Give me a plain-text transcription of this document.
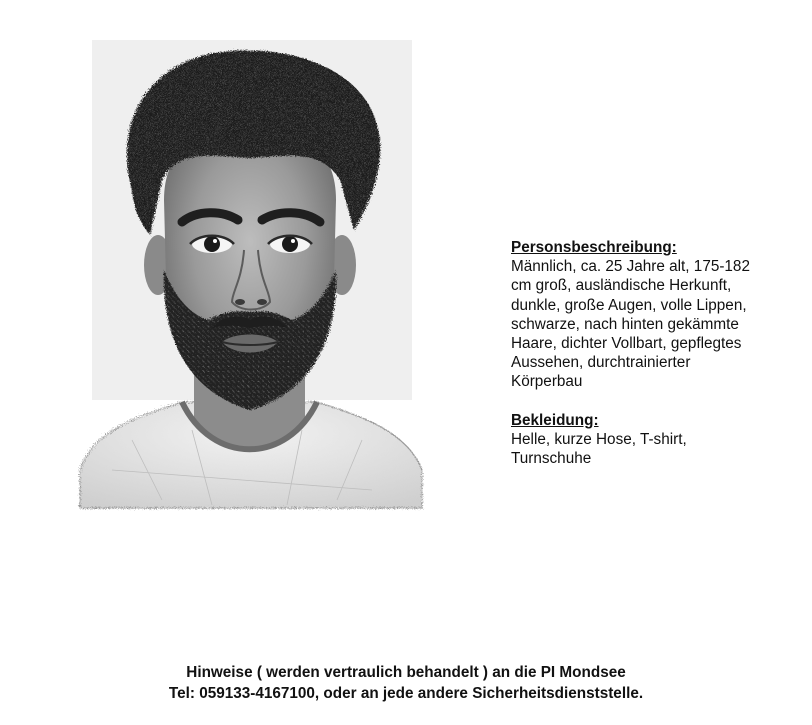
Personsbeschreibung:

Männlich, ca. 25 Jahre alt, 175-182
cm groß, ausländische Herkunft,
dunkle, große Augen, volle Lippen,
schwarze, nach hinten gekämmte
Haare, dichter Vollbart, gepflegtes
Aussehen, durchtrainierter
Körperbau

Bekleidung:

Helle, kurze Hose, T-shirt,
Turnschuhe

Hinweise ( werden vertraulich behandelt ) an die PI Mondsee
Tel: 059133-4167100, oder an jede andere Sicherheitsdienststelle.
